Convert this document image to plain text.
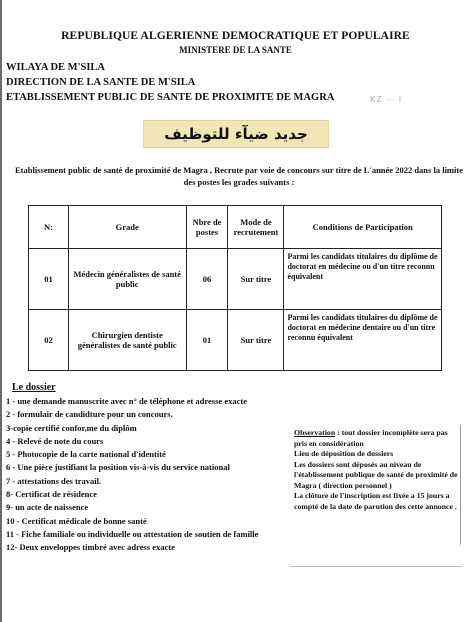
REPUBLIQUE ALGERIENNE DEMOCRATIQUE ET POPULAIRE
MINISTERE DE LA SANTE
WILAYA DE M'SILA
DIRECTION DE LA SANTE DE M'SILA
ETABLISSEMENT PUBLIC DE SANTE DE PROXIMITE DE MAGRA	KZ ⋯ ا
جديد ضيآء للتوظيف
Etablissement public de santé de proximité de Magra , Recrute par voie de concours sur titre de L'année 2022 dans la limite des postes les grades suivants :
N:	Grade	Nbre de postes	Mode de recrutement	Conditions de Participation
01	Médecin généralistes de santé public	06	Sur titre	Parmi les candidats titulaires du diplôme de doctorat en médecine ou d'un titre reconnu équivalent
02	Chirurgien dentiste généralistes de santé public	01	Sur titre	Parmi les candidats titulaires du diplôme de doctorat en médecine dentaire ou d'un titre reconnu équivalent
Le dossier
1 - une demande manuscrite avec n° de téléphone et adresse exacte
2 - formulair de candidture pour un concours.
3-copie certifié confor,me du diplôm
4 - Relevé de note du cours
5 - Photocopie de la carte national d'identité
6 - Une pièce justifiant la position vis-à-vis du service national
7 - attestations des travail.
8- Certificat de résidence
9- un acte de naissence
10 - Certificat médicale de bonne santé
11 - Fiche familiale ou individuelle ou attestation de soutien de famille
12- Deux enveloppes timbré avec adress exacte

Observation : tout dossier incomplète sera pas pris en considération

Lieu de déposition de dossiers

Les dossiers sont déposés au niveau de l'établissement publique de santé de proximité de Magra ( direction personnel )

La clôture de l'inscription est fixée a 15 jours a compté de la date de parution des cette annonce .
